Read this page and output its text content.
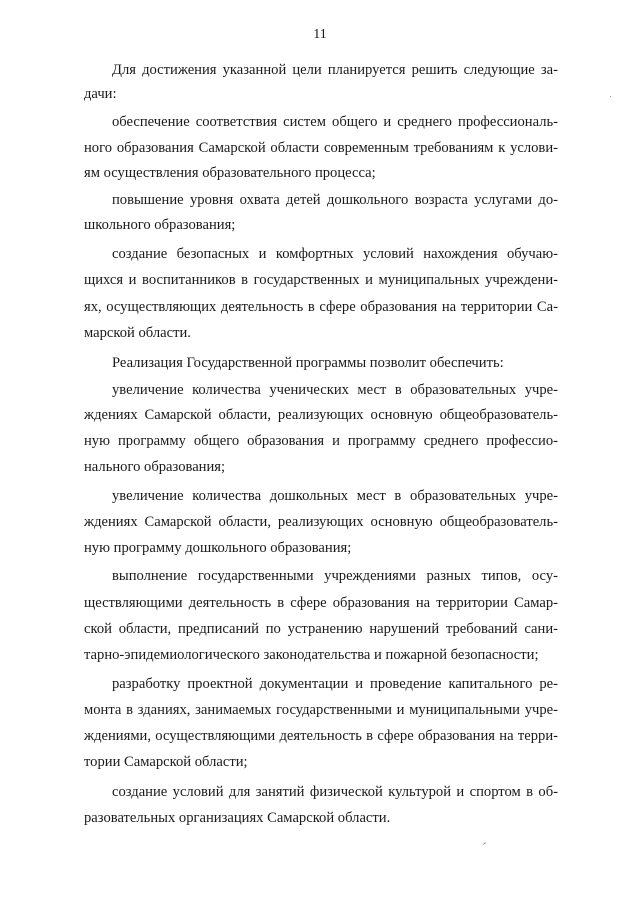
11
Для достижения указанной цели планируется решить следующие за-
дачи:
обеспечение соответствия систем общего и среднего профессиональ-
ного образования Самарской области современным требованиям к услови-
ям осуществления образовательного процесса;
повышение уровня охвата детей дошкольного возраста услугами до-
школьного образования;
создание безопасных и комфортных условий нахождения обучаю-
щихся и воспитанников в государственных и муниципальных учреждени-
ях, осуществляющих деятельность в сфере образования на территории Са-
марской области.
Реализация Государственной программы позволит обеспечить:
увеличение количества ученических мест в образовательных учре-
ждениях Самарской области, реализующих основную общеобразователь-
ную программу общего образования и программу среднего профессио-
нального образования;
увеличение количества дошкольных мест в образовательных учре-
ждениях Самарской области, реализующих основную общеобразователь-
ную программу дошкольного образования;
выполнение государственными учреждениями разных типов, осу-
ществляющими деятельность в сфере образования на территории Самар-
ской области, предписаний по устранению нарушений требований сани-
тарно-эпидемиологического законодательства и пожарной безопасности;
разработку проектной документации и проведение капитального ре-
монта в зданиях, занимаемых государственными и муниципальными учре-
ждениями, осуществляющими деятельность в сфере образования на терри-
тории Самарской области;
создание условий для занятий физической культурой и спортом в об-
разовательных организациях Самарской области.
